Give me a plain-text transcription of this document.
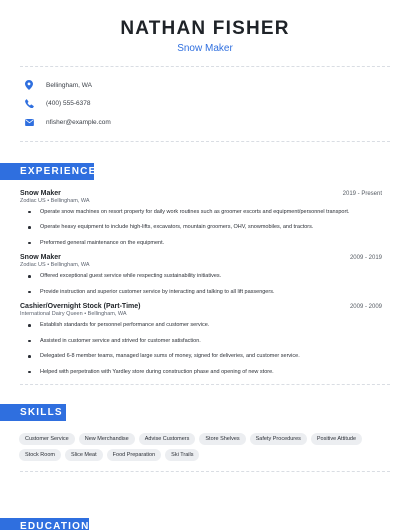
NATHAN FISHER
Snow Maker
Bellingham, WA
(400) 555-6378
nfisher@example.com
EXPERIENCE
Snow Maker	2019 - Present
Zodiac US • Bellingham, WA
Operate snow machines on resort property for daily work routines such as groomer escorts and equipment/personnel transport.
Operate heavy equipment to include high-lifts, excavators, mountain groomers, OHV, snowmobiles, and tractors.
Preformed general maintenance on the equipment.
Snow Maker	2009 - 2019
Zodiac US • Bellingham, WA
Offered exceptional guest service while respecting sustainability initiatives.
Provide instruction and superior customer service by interacting and talking to all lift passengers.
Cashier/Overnight Stock (Part-Time)	2009 - 2009
International Dairy Queen • Bellingham, WA
Establish standards for personnel performance and customer service.
Assisted in customer service and strived for customer satisfaction.
Delegated 6-8 member teams, managed large sums of money, signed for deliveries, and customer service.
Helped with perpetration with Yardley store during construction phase and opening of new store.
SKILLS
Customer Service	New Merchandise	Advise Customers	Store Shelves	Safety Procedures	Positive Attitude
Stock Room	Slice Meat	Food Preparation	Ski Trails
EDUCATION
